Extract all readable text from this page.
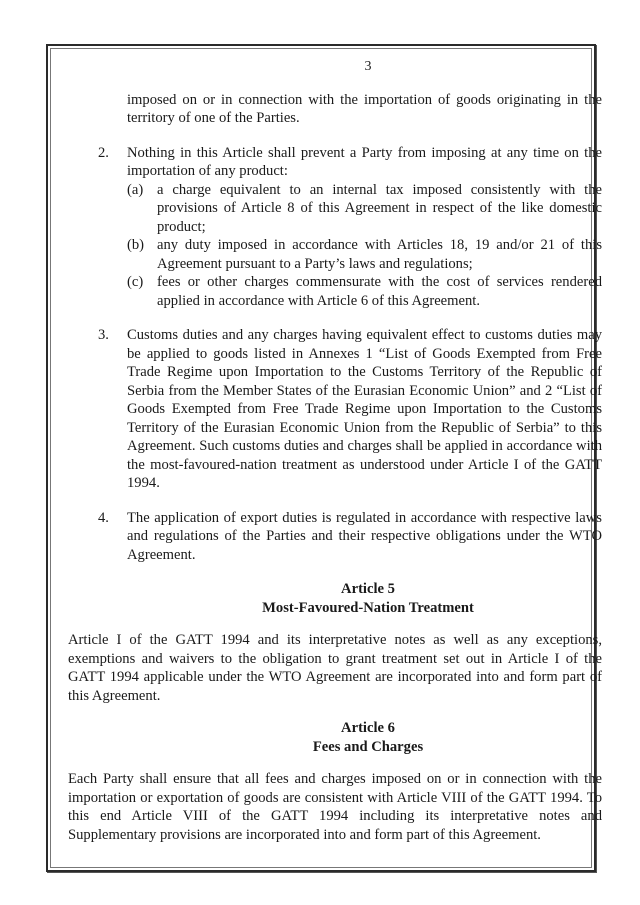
3

imposed on or in connection with the importation of goods originating in the territory of one of the Parties.

2.	Nothing in this Article shall prevent a Party from imposing at any time on the importation of any product:
(a) a charge equivalent to an internal tax imposed consistently with the provisions of Article 8 of this Agreement in respect of the like domestic product;
(b) any duty imposed in accordance with Articles 18, 19 and/or 21 of this Agreement pursuant to a Party’s laws and regulations;
(c) fees or other charges commensurate with the cost of services rendered applied in accordance with Article 6 of this Agreement.
3.	Customs duties and any charges having equivalent effect to customs duties may be applied to goods listed in Annexes 1 “List of Goods Exempted from Free Trade Regime upon Importation to the Customs Territory of the Republic of Serbia from the Member States of the Eurasian Economic Union” and 2 “List of Goods Exempted from Free Trade Regime upon Importation to the Customs Territory of the Eurasian Economic Union from the Republic of Serbia” to this Agreement. Such customs duties and charges shall be applied in accordance with the most-favoured-nation treatment as understood under Article I of the GATT 1994.
4.	The application of export duties is regulated in accordance with respective laws and regulations of the Parties and their respective obligations under the WTO Agreement.

Article 5

Most-Favoured-Nation Treatment

Article I of the GATT 1994 and its interpretative notes as well as any exceptions, exemptions and waivers to the obligation to grant treatment set out in Article I of the GATT 1994 applicable under the WTO Agreement are incorporated into and form part of this Agreement.

Article 6

Fees and Charges

Each Party shall ensure that all fees and charges imposed on or in connection with the importation or exportation of goods are consistent with Article VIII of the GATT 1994. To this end Article VIII of the GATT 1994 including its interpretative notes and Supplementary provisions are incorporated into and form part of this Agreement.
